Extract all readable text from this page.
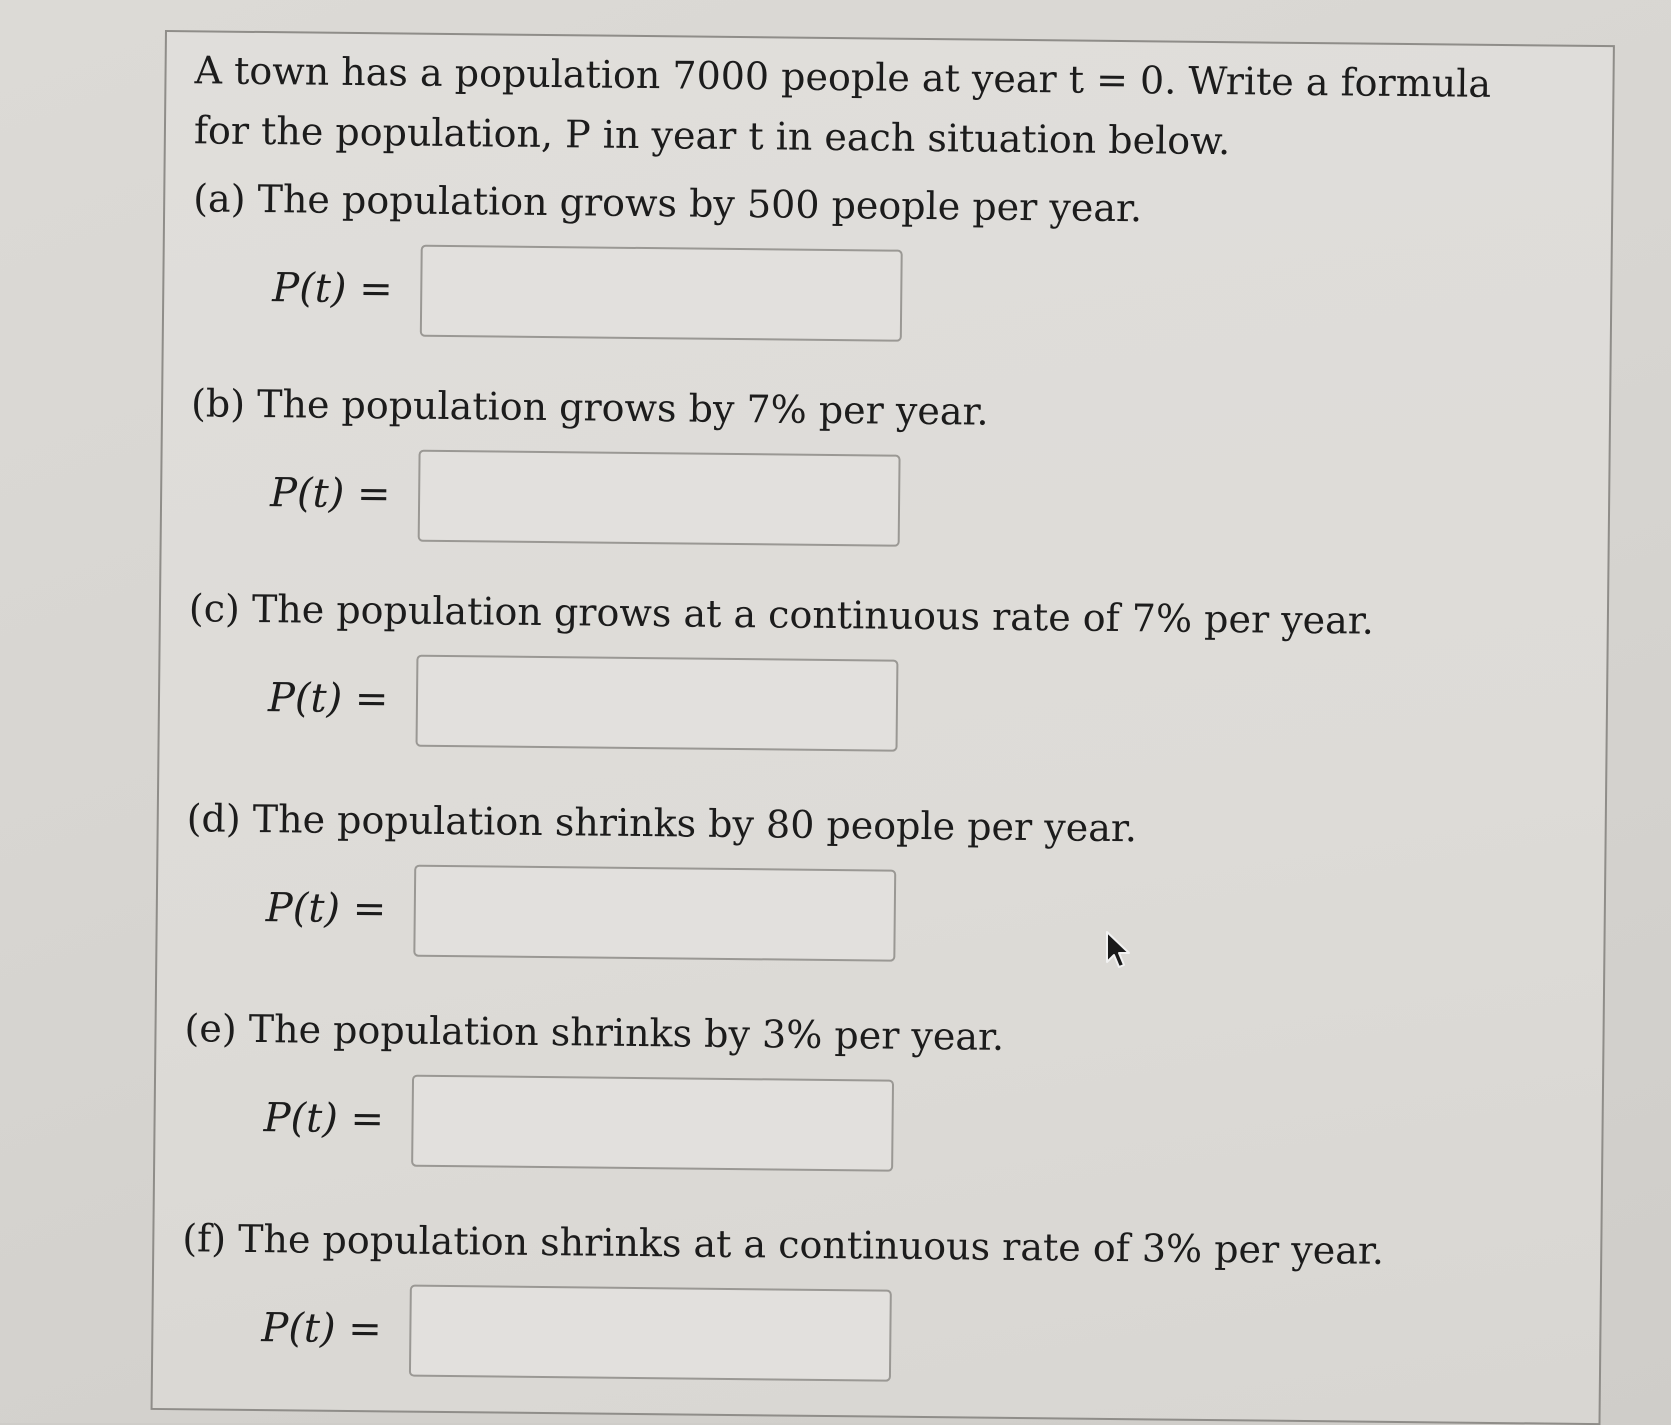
A town has a population 7000 people at year t = 0. Write a formula for the population, P in year t in each situation below.
(a) The population grows by 500 people per year.
P(t) =
(b) The population grows by 7% per year.
P(t) =
(c) The population grows at a continuous rate of 7% per year.
P(t) =
(d) The population shrinks by 80 people per year.
P(t) =
(e) The population shrinks by 3% per year.
P(t) =
(f) The population shrinks at a continuous rate of 3% per year.
P(t) =
